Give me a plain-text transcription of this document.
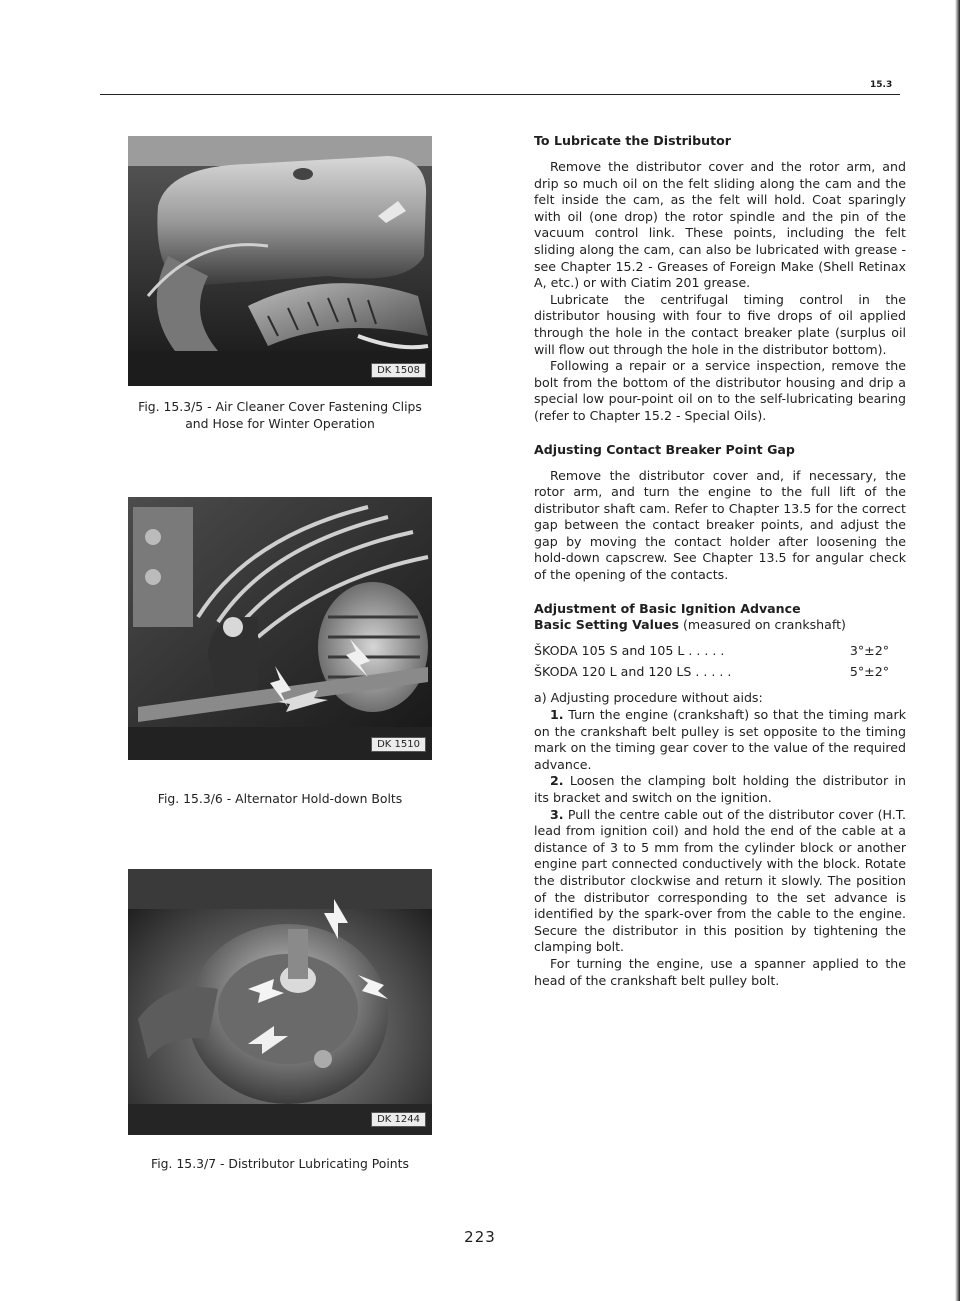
15.3
DK 1508
Fig. 15.3/5 - Air Cleaner Cover Fastening Clips
and Hose for Winter Operation
DK 1510
Fig. 15.3/6 - Alternator Hold-down Bolts
DK 1244
Fig. 15.3/7 - Distributor Lubricating Points
To Lubricate the Distributor

Remove the distributor cover and the rotor arm, and drip so much oil on the felt sliding along the cam and the felt inside the cam, as the felt will hold. Coat sparingly with oil (one drop) the rotor spindle and the pin of the vacuum control link. These points, including the felt sliding along the cam, can also be lubricated with grease - see Chapter 15.2 - Greases of Foreign Make (Shell Retinax A, etc.) or with Ciatim 201 grease.

Lubricate the centrifugal timing control in the distributor housing with four to five drops of oil applied through the hole in the contact breaker plate (surplus oil will flow out through the hole in the distributor bottom).

Following a repair or a service inspection, remove the bolt from the bottom of the distributor housing and drip a special low pour-point oil on to the self-lubricating bearing (refer to Chapter 15.2 - Special Oils).

Adjusting Contact Breaker Point Gap

Remove the distributor cover and, if necessary, the rotor arm, and turn the engine to the full lift of the distributor shaft cam. Refer to Chapter 13.5 for the correct gap between the contact breaker points, and adjust the gap by moving the contact holder after loosening the hold-down capscrew. See Chapter 13.5 for angular check of the opening of the contacts.

Adjustment of Basic Ignition Advance
Basic Setting Values (measured on crankshaft)
ŠKODA 105 S and 105 L . . . . .	3°±2°
ŠKODA 120 L and 120 LS . . . . .	5°±2°

a) Adjusting procedure without aids:

1. Turn the engine (crankshaft) so that the timing mark on the crankshaft belt pulley is set opposite to the timing mark on the timing gear cover to the value of the required advance.

2. Loosen the clamping bolt holding the distributor in its bracket and switch on the ignition.

3. Pull the centre cable out of the distributor cover (H.T. lead from ignition coil) and hold the end of the cable at a distance of 3 to 5 mm from the cylinder block or another engine part connected conductively with the block. Rotate the distributor clockwise and return it slowly. The position of the distributor corresponding to the set advance is identified by the spark-over from the cable to the engine. Secure the distributor in this position by tightening the clamping bolt.

For turning the engine, use a spanner applied to the head of the crankshaft belt pulley bolt.

223
